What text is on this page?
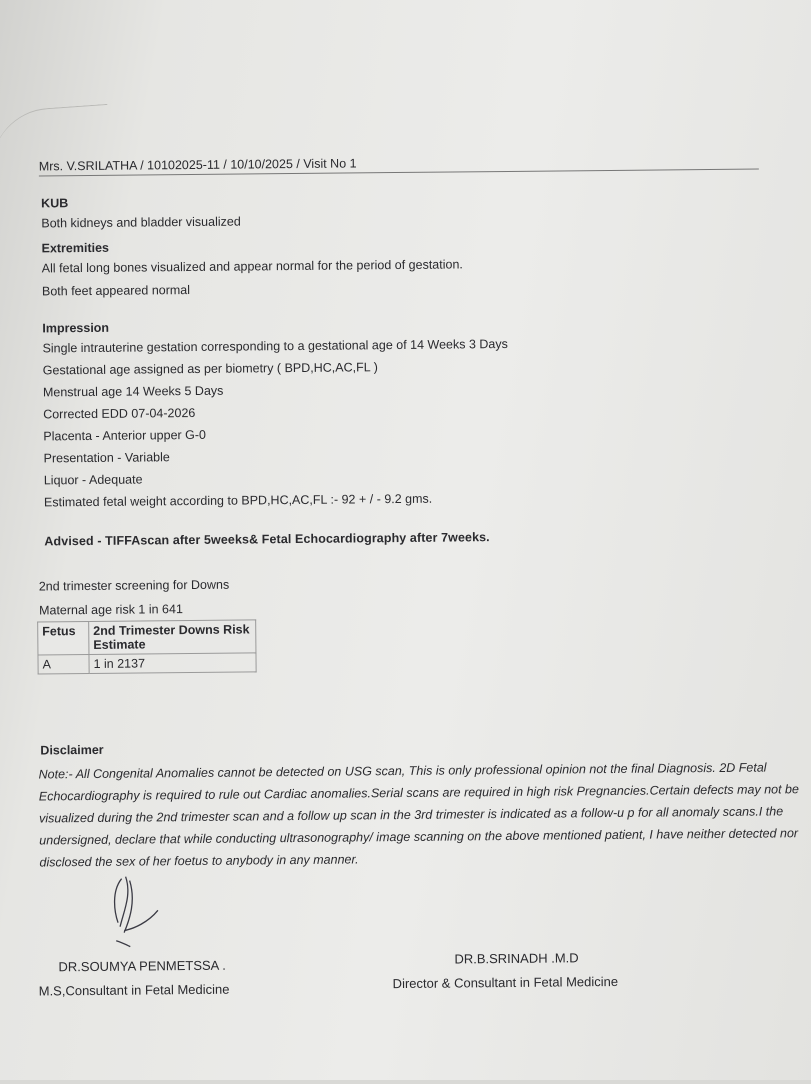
Mrs. V.SRILATHA / 10102025-11 / 10/10/2025 / Visit No 1
KUB
Both kidneys and bladder visualized
Extremities
All fetal long bones visualized and appear normal for the period of gestation.
Both feet appeared normal
Impression
Single intrauterine gestation corresponding to a gestational age of 14 Weeks 3 Days
Gestational age assigned as per biometry ( BPD,HC,AC,FL )
Menstrual age 14 Weeks 5 Days
Corrected EDD 07-04-2026
Placenta - Anterior upper G-0
Presentation - Variable
Liquor - Adequate
Estimated fetal weight according to BPD,HC,AC,FL :- 92 + / - 9.2 gms.
Advised - TIFFAscan after 5weeks& Fetal Echocardiography after 7weeks.
2nd trimester screening for Downs
Maternal age risk 1 in 641
Fetus	2nd Trimester Downs Risk Estimate
A	1 in 2137
Disclaimer
Note:- All Congenital Anomalies cannot be detected on USG scan, This is only professional opinion not the final Diagnosis. 2D Fetal Echocardiography is required to rule out Cardiac anomalies.Serial scans are required in high risk Pregnancies.Certain defects may not be visualized during the 2nd trimester scan and a follow up scan in the 3rd trimester is indicated as a follow-u p for all anomaly scans.I the undersigned, declare that while conducting ultrasonography/ image scanning on the above mentioned patient, I have neither detected nor disclosed the sex of her foetus to anybody in any manner.
DR.SOUMYA PENMETSSA .
M.S,Consultant in Fetal Medicine
DR.B.SRINADH .M.D
Director & Consultant in Fetal Medicine
